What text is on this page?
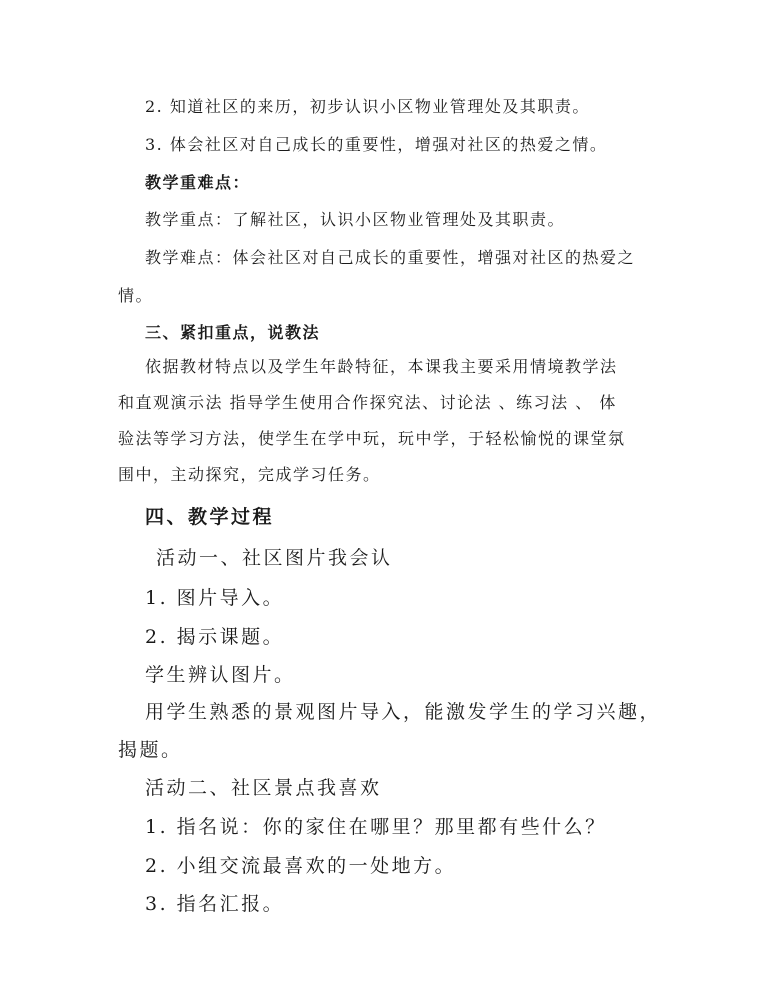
2. 知道社区的来历，初步认识小区物业管理处及其职责。
3. 体会社区对自己成长的重要性，增强对社区的热爱之情。
教学重难点：
教学重点：了解社区，认识小区物业管理处及其职责。
教学难点：体会社区对自己成长的重要性，增强对社区的热爱之
情。
三、紧扣重点，说教法
依据教材特点以及学生年龄特征，本课我主要采用情境教学法
和直观演示法 指导学生使用合作探究法、讨论法 、练习法 、 体
验法等学习方法，使学生在学中玩，玩中学，于轻松愉悦的课堂氛
围中，主动探究，完成学习任务。
四、教学过程
活动一、社区图片我会认
1. 图片导入。
2. 揭示课题。
学生辨认图片。
用学生熟悉的景观图片导入，能激发学生的学习兴趣，
揭题。
活动二、社区景点我喜欢
1. 指名说：你的家住在哪里？那里都有些什么？
2. 小组交流最喜欢的一处地方。
3. 指名汇报。
